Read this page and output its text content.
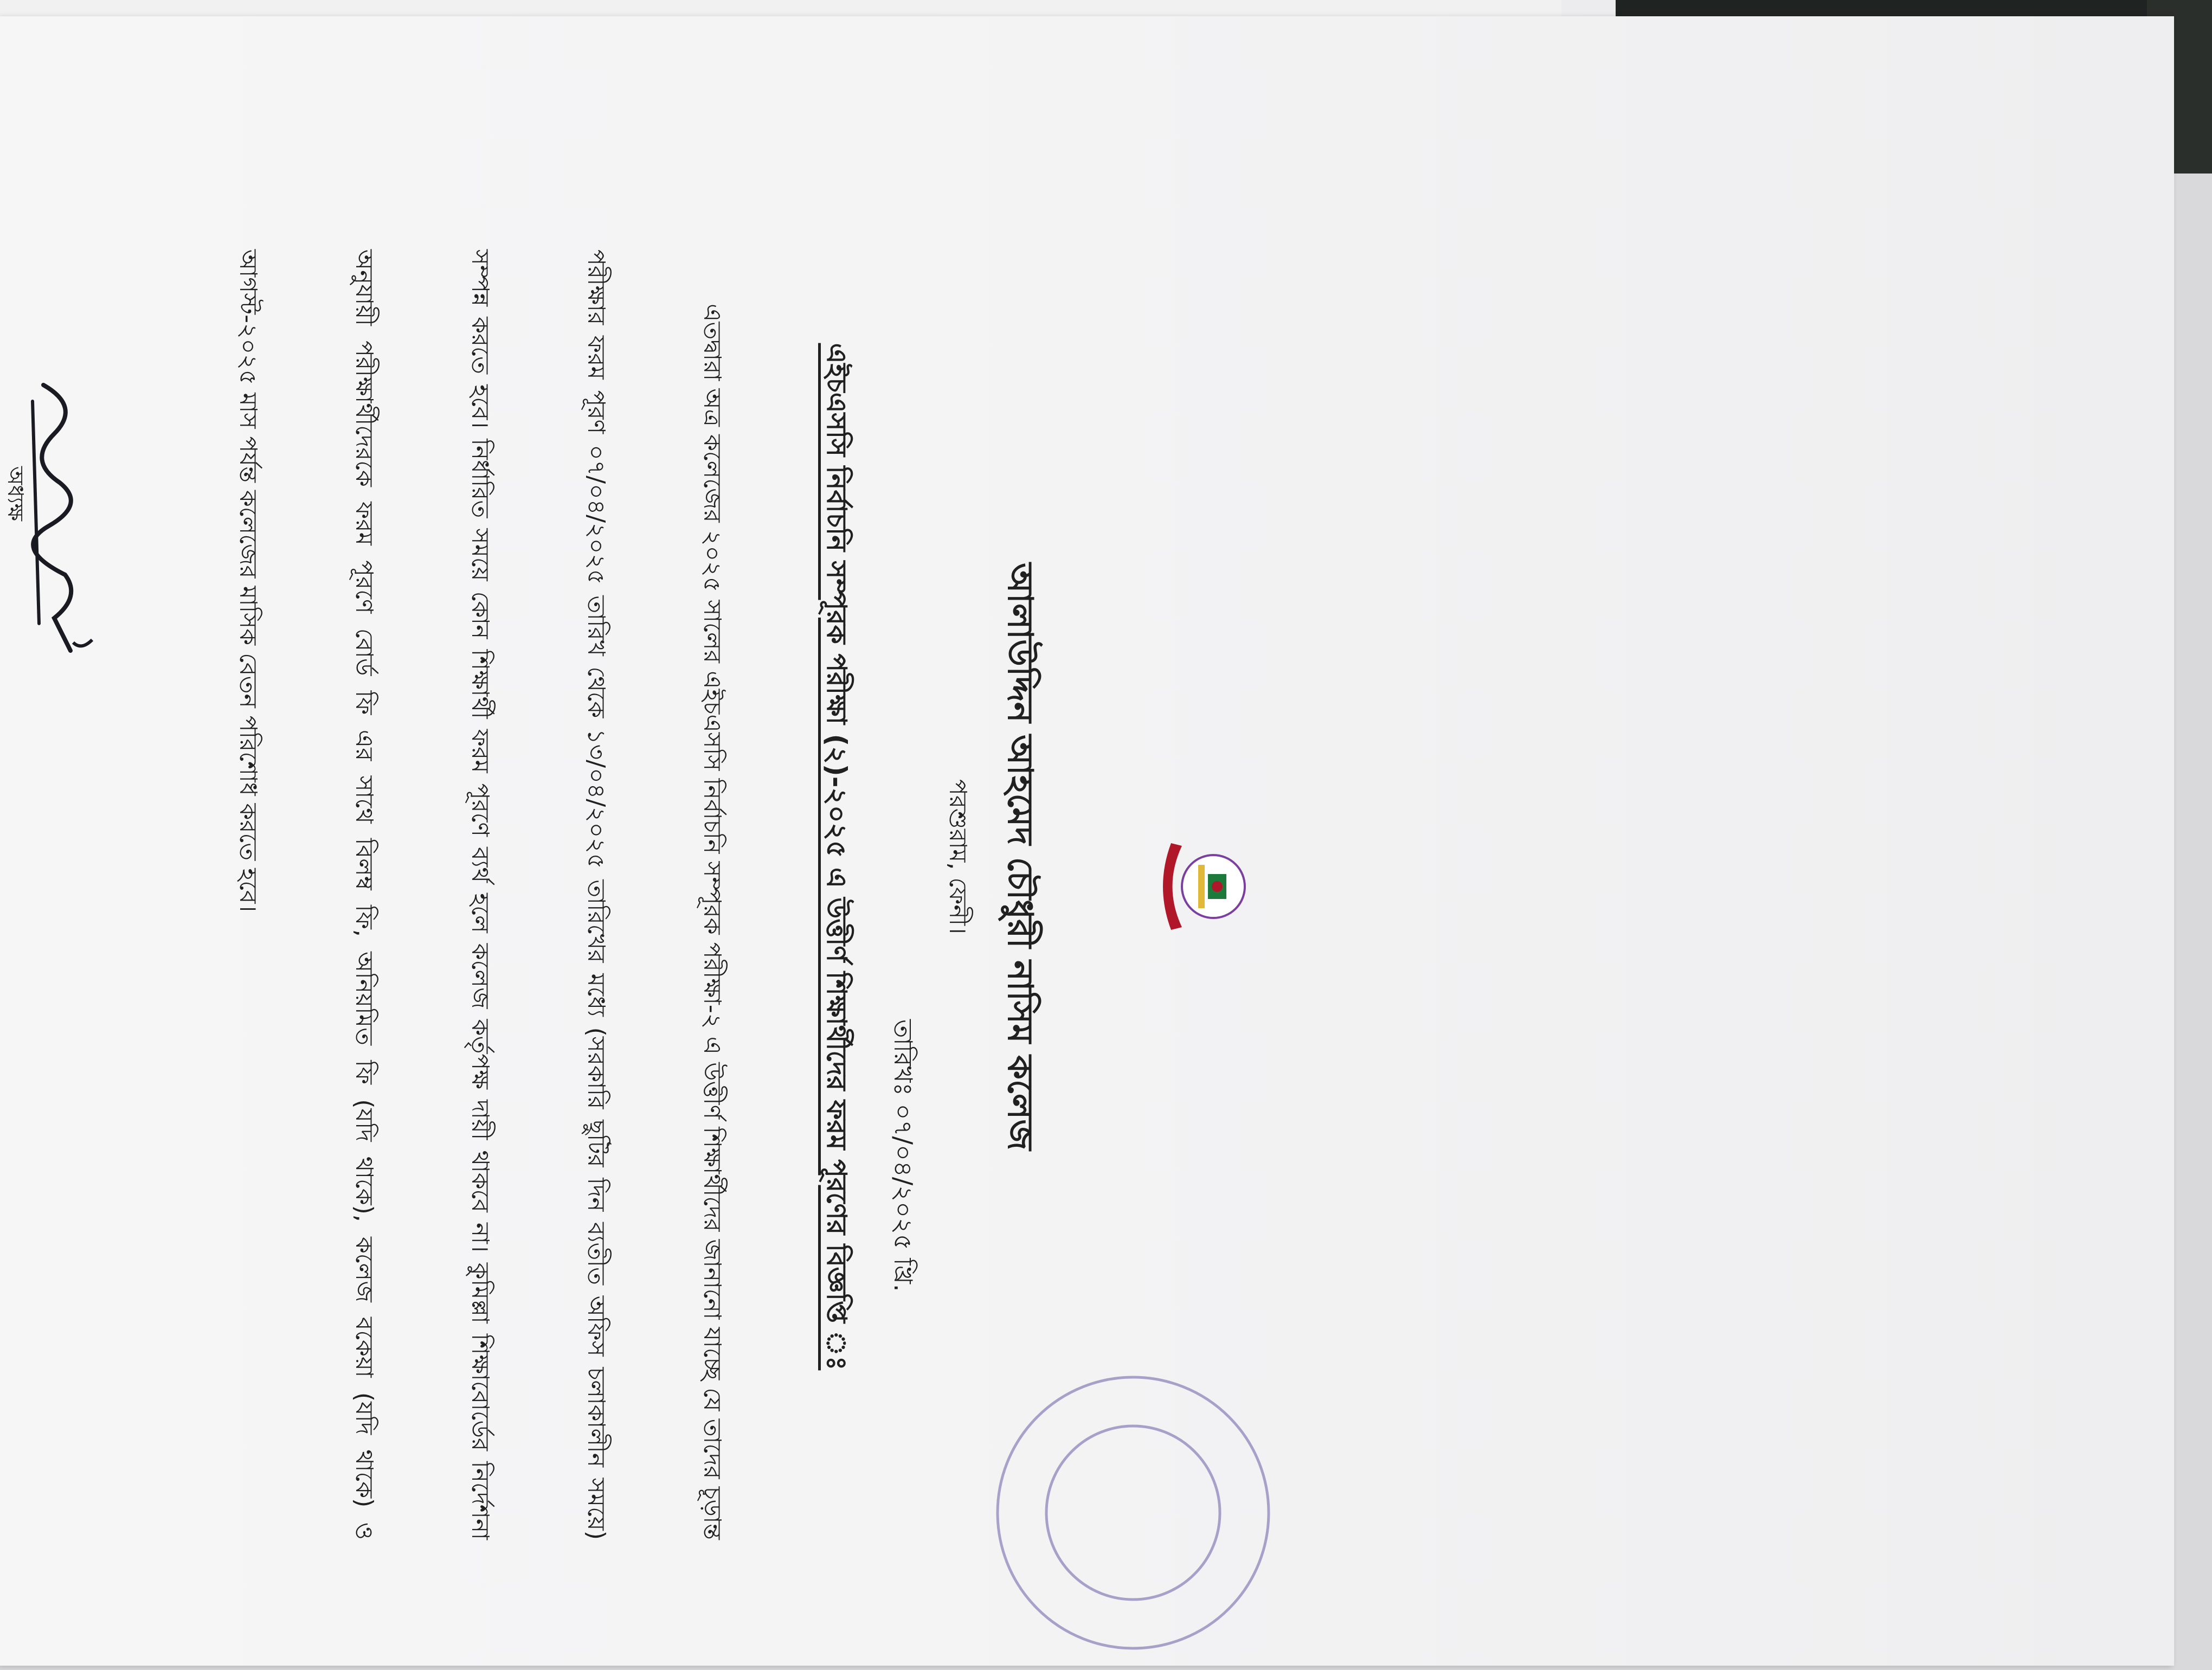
আলাউদ্দিন আহমেদ চৌধুরী নাসিম কলেজ
পরশুরাম, ফেনী।
তারিখঃ ০৭/০৪/২০২৫ খ্রি.
এইচএসসি নির্বাচনি সম্পূরক পরীক্ষা (২)-২০২৫ এ উত্তীর্ণ শিক্ষার্থীদের ফরম পূরণের বিজ্ঞপ্তি ঃ

এতদ্বারা অত্র কলেজের ২০২৫ সালের এইচএসসি নির্বাচনি সম্পূরক পরীক্ষা-২ এ উত্তীর্ণ শিক্ষার্থীদের জানানো যাচ্ছে যে তাদের চূড়ান্ত পরীক্ষার ফরম পূরণ ০৭/০৪/২০২৫ তারিখ থেকে ১৩/০৪/২০২৫ তারিখের মধ্যে (সরকারি ছুটির দিন ব্যতীত অফিস চলাকালীন সময়ে) সম্পন্ন করতে হবে। নির্ধারিত সময়ে কোন শিক্ষার্থী ফরম পূরণে ব্যর্থ হলে কলেজ কর্তৃপক্ষ দায়ী থাকবে না। কুমিল্লা শিক্ষাবোর্ডের নির্দেশনা অনুযায়ী পরীক্ষার্থীদেরকে ফরম পূরণে বোর্ড ফি এর সাথে বিলম্ব ফি, অনিয়মিত ফি (যদি থাকে), কলেজ বকেয়া (যদি থাকে) ও আগস্ট-২০২৫ মাস পর্যন্ত কলেজের মাসিক বেতন পরিশোধ করতে হবে।

অধ্যক্ষ
